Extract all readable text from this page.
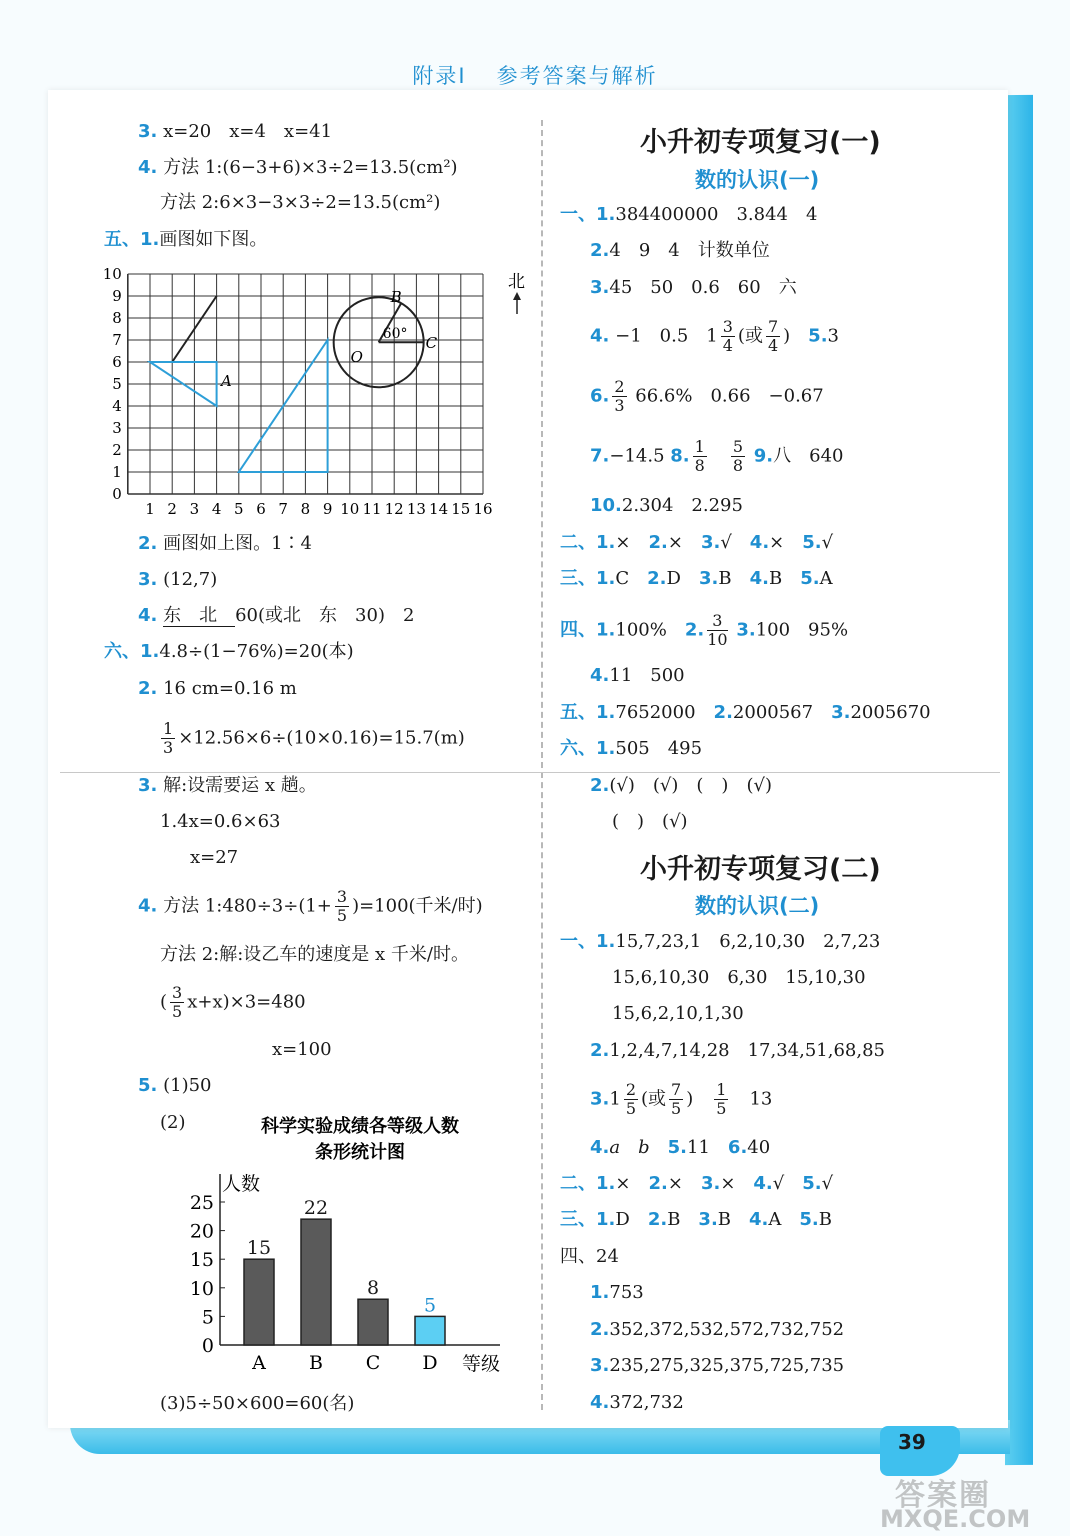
附录Ⅰ 参考答案与解析
3. x=20　x=4　x=41
4. 方法 1:(6−3+6)×3÷2=13.5(cm²)
方法 2:6×3−3×3÷2=13.5(cm²)
五、1.画图如下图。
0
1
2
3
4
5
6
7
8
9
10
1 2 3 4 5 6 7 8 9 10 11 12 13 14 15 16
A
B
C
O
60°
北
2. 画图如上图。1∶4
3. (12,7)
4. 东　北　60(或北　东　30)　2
六、1.4.8÷(1−76%)=20(本)
2. 16 cm=0.16 m
$\frac{1}{3} \times 12.56\times 6\div(10\times 0.16)=15.7(m)$
3. 解:设需要运 x 趟。
1.4x=0.6×63
x=27
4. 方法 1:480÷3÷(1+ $\frac{3}{5} )=100$(千米/时)
方法 2:解:设乙车的速度是 x 千米/时。
( $\frac{3}{5} x+x)\times 3=480$
x=100
5. (1)50
(2)	科学实验成绩各等级人数
条形统计图
人数
等级
0
5
10
15
20
25
15
22
8
5
A B C D
(3)5÷50×600=60(名)
小升初专项复习(一)
数的认识(一)
一、1.384400000　3.844　4
2.4　9　4　计数单位
3.45　50　0.6　60　六
4. −1　0.5　$1 \frac{3}{4}$ (或 $\frac{7}{4}$ )　 5.3
6. $\frac{2}{3} 66.6\%$　0.66　−0.67
7.−14.5 8. $\frac{1}{8}$
　 $\frac{5}{8} 9$.八　640
10.2.304　2.295
二、1.×　 2.×　 3.√　 4.×　 5.√
三、1.C　 2.D　 3.B　 4.B　 5.A
四、1.100%　 2. $\frac{3}{10} 3.100$　95%
4.11　500
五、1.7652000　 2.2000567　 3.2005670
六、1.505　495
2.(√)　(√)　(　)　(√)
(　)　(√)
小升初专项复习(二)
数的认识(二)
一、1.15,7,23,1　6,2,10,30　2,7,23
15,6,10,30　6,30　15,10,30
15,6,2,10,1,30
2.1,2,4,7,14,28　17,34,51,68,85
$3.1 \frac{2}{5}$ (或 $\frac{7}{5}$ )　 $\frac{1}{5}$
　 13
4.a　b　 5.11　 6.40
二、1.×　 2.×　 3.×　 4.√　 5.√
三、1.D　 2.B　 3.B　 4.A　 5.B
四、24
1.753
2.352,372,532,572,732,752
3.235,275,325,375,725,735
4.372,732
39
答案圈
MXQE.COM
